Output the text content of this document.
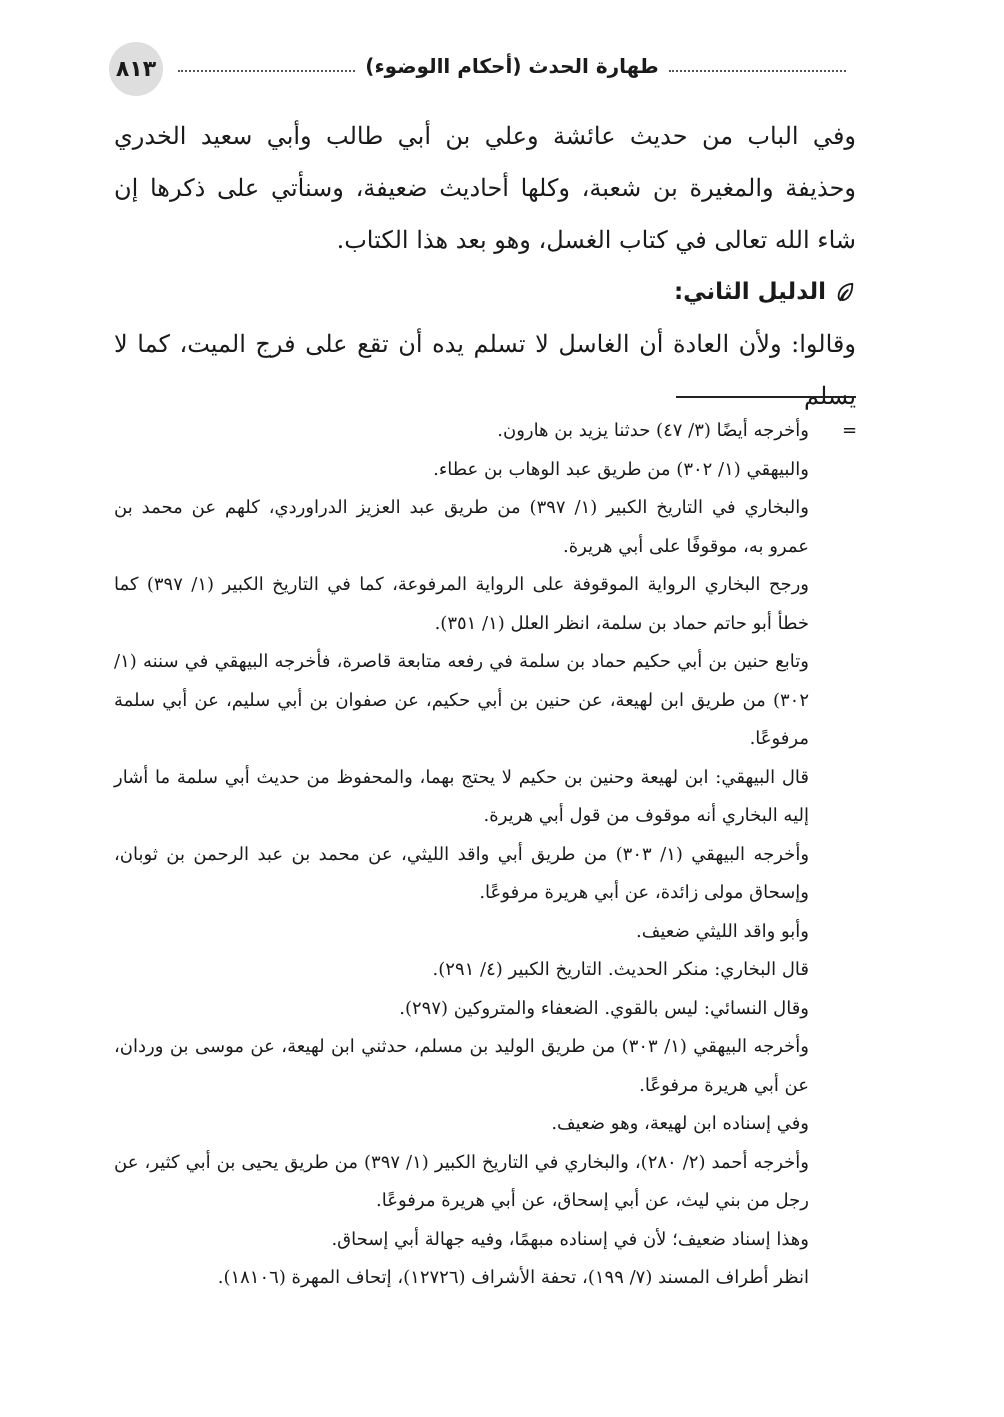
٨١٣	طهارة الحدث (أحكام االوضوء)

وفي الباب من حديث عائشة وعلي بن أبي طالب وأبي سعيد الخدري وحذيفة والمغيرة بن شعبة، وكلها أحاديث ضعيفة، وسنأتي على ذكرها إن شاء الله تعالى في كتاب الغسل، وهو بعد هذا الكتاب.

الدليل الثاني:

وقالوا: ولأن العادة أن الغاسل لا تسلم يده أن تقع على فرج الميت، كما لا يسلم

=

وأخرجه أيضًا (٣/ ٤٧) حدثنا يزيد بن هارون.

والبيهقي (١/ ٣٠٢) من طريق عبد الوهاب بن عطاء.

والبخاري في التاريخ الكبير (١/ ٣٩٧) من طريق عبد العزيز الدراوردي، كلهم عن محمد بن عمرو به، موقوفًا على أبي هريرة.

ورجح البخاري الرواية الموقوفة على الرواية المرفوعة، كما في التاريخ الكبير (١/ ٣٩٧) كما خطأ أبو حاتم حماد بن سلمة، انظر العلل (١/ ٣٥١).

وتابع حنين بن أبي حكيم حماد بن سلمة في رفعه متابعة قاصرة، فأخرجه البيهقي في سننه (١/ ٣٠٢) من طريق ابن لهيعة، عن حنين بن أبي حكيم، عن صفوان بن أبي سليم، عن أبي سلمة مرفوعًا.

قال البيهقي: ابن لهيعة وحنين بن حكيم لا يحتج بهما، والمحفوظ من حديث أبي سلمة ما أشار إليه البخاري أنه موقوف من قول أبي هريرة.

وأخرجه البيهقي (١/ ٣٠٣) من طريق أبي واقد الليثي، عن محمد بن عبد الرحمن بن ثوبان، وإسحاق مولى زائدة، عن أبي هريرة مرفوعًا.

وأبو واقد الليثي ضعيف.

قال البخاري: منكر الحديث. التاريخ الكبير (٤/ ٢٩١).

وقال النسائي: ليس بالقوي. الضعفاء والمتروكين (٢٩٧).

وأخرجه البيهقي (١/ ٣٠٣) من طريق الوليد بن مسلم، حدثني ابن لهيعة، عن موسى بن وردان، عن أبي هريرة مرفوعًا.

وفي إسناده ابن لهيعة، وهو ضعيف.

وأخرجه أحمد (٢/ ٢٨٠)، والبخاري في التاريخ الكبير (١/ ٣٩٧) من طريق يحيى بن أبي كثير، عن رجل من بني ليث، عن أبي إسحاق، عن أبي هريرة مرفوعًا.

وهذا إسناد ضعيف؛ لأن في إسناده مبهمًا، وفيه جهالة أبي إسحاق.

انظر أطراف المسند (٧/ ١٩٩)، تحفة الأشراف (١٢٧٢٦)، إتحاف المهرة (١٨١٠٦).
